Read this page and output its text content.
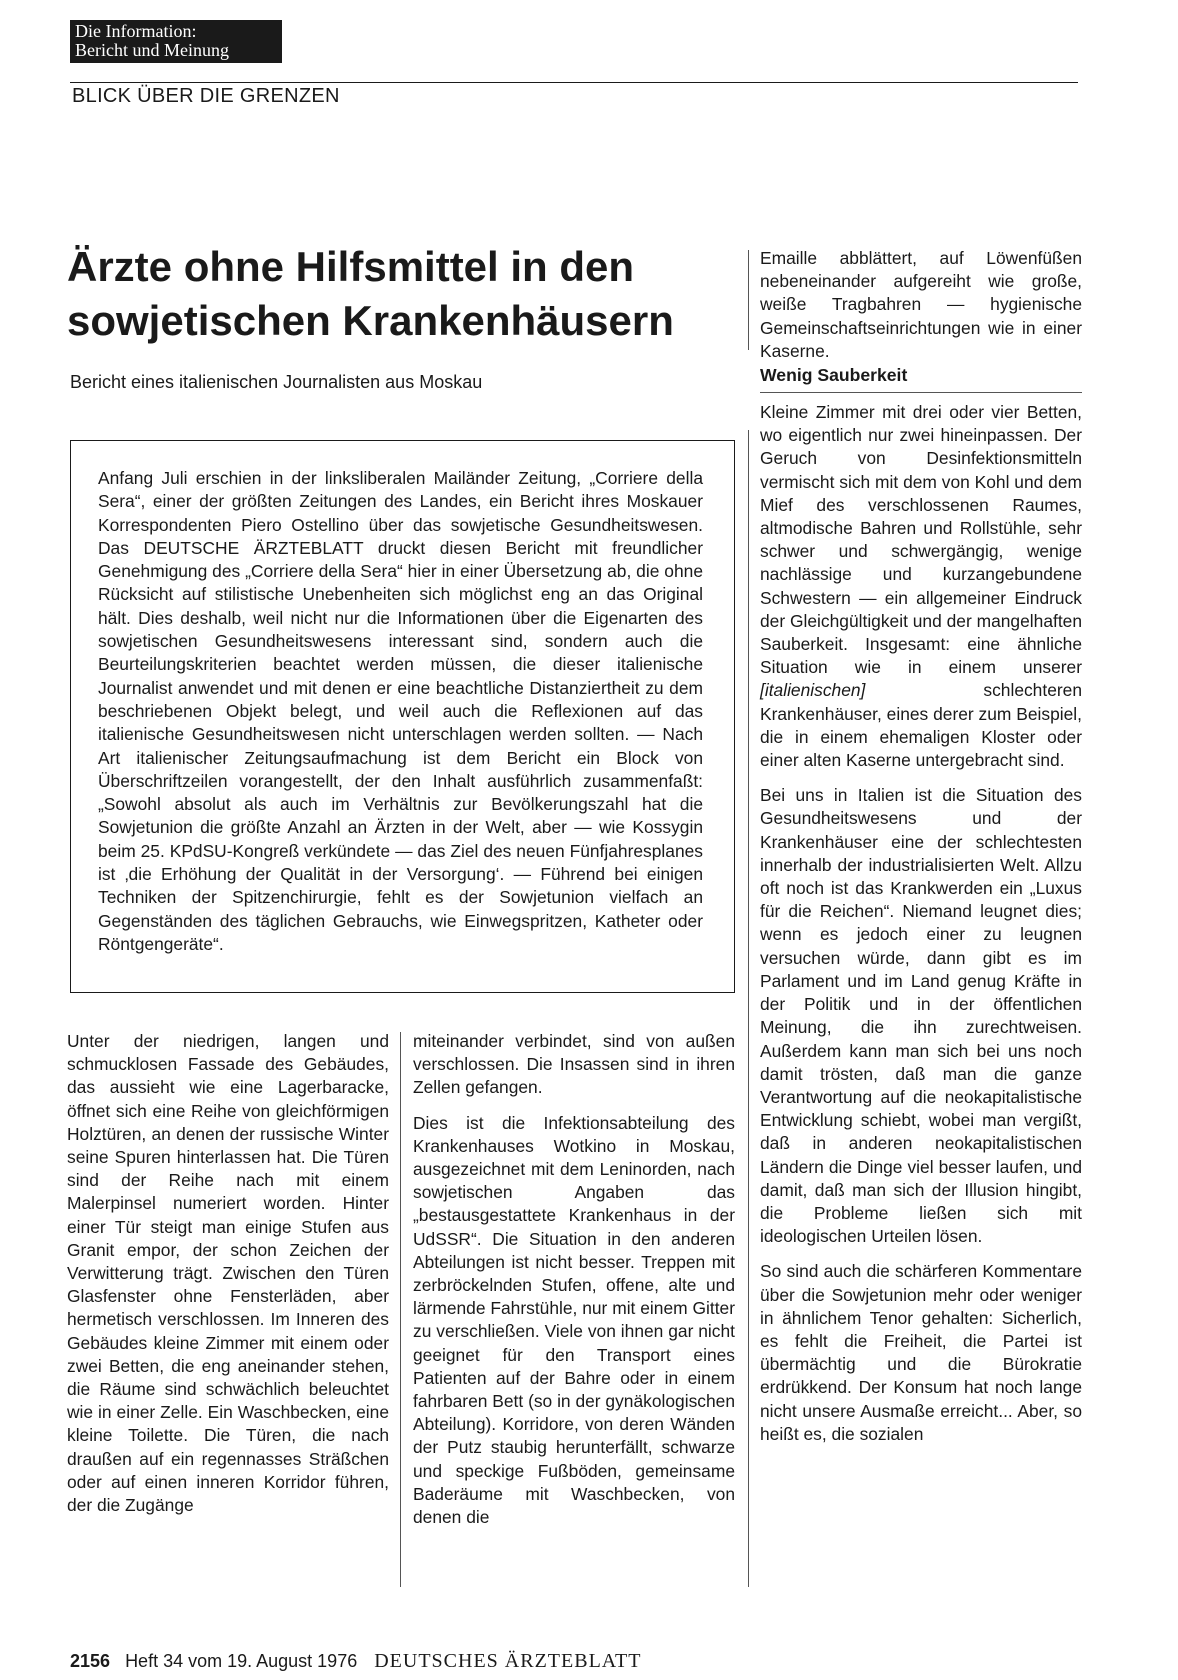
Die Information:
Bericht und Meinung
BLICK ÜBER DIE GRENZEN
Ärzte ohne Hilfsmittel in den
sowjetischen Krankenhäusern
Bericht eines italienischen Journalisten aus Moskau

Anfang Juli erschien in der linksliberalen Mailänder Zeitung, „Corriere della Sera“, einer der größten Zeitungen des Landes, ein Bericht ihres Moskauer Korrespondenten Piero Ostellino über das sowjetische Gesundheitswesen. Das DEUTSCHE ÄRZTEBLATT druckt diesen Bericht mit freundlicher Genehmigung des „Corriere della Sera“ hier in einer Übersetzung ab, die ohne Rücksicht auf stilistische Unebenheiten sich möglichst eng an das Original hält. Dies deshalb, weil nicht nur die Informationen über die Eigenarten des sowjetischen Gesundheitswesens interessant sind, sondern auch die Beurteilungskriterien beachtet werden müssen, die dieser italienische Journalist anwendet und mit denen er eine beachtliche Distanziertheit zu dem beschriebenen Objekt belegt, und weil auch die Reflexionen auf das italienische Gesundheitswesen nicht unterschlagen werden sollten. — Nach Art italienischer Zeitungsaufmachung ist dem Bericht ein Block von Überschriftzeilen vorangestellt, der den Inhalt ausführlich zusammenfaßt: „Sowohl absolut als auch im Verhältnis zur Bevölkerungszahl hat die Sowjetunion die größte Anzahl an Ärzten in der Welt, aber — wie Kossygin beim 25. KPdSU-Kongreß verkündete — das Ziel des neuen Fünfjahresplanes ist ‚die Erhöhung der Qualität in der Versorgung‘. — Führend bei einigen Techniken der Spitzenchirurgie, fehlt es der Sowjetunion vielfach an Gegenständen des täglichen Gebrauchs, wie Einwegspritzen, Katheter oder Röntgengeräte“.

Unter der niedrigen, langen und schmucklosen Fassade des Gebäudes, das aussieht wie eine Lagerbaracke, öffnet sich eine Reihe von gleichförmigen Holztüren, an denen der russische Winter seine Spuren hinterlassen hat. Die Türen sind der Reihe nach mit einem Malerpinsel numeriert worden. Hinter einer Tür steigt man einige Stufen aus Granit empor, der schon Zeichen der Verwitterung trägt. Zwischen den Türen Glasfenster ohne Fensterläden, aber hermetisch verschlossen. Im Inneren des Gebäudes kleine Zimmer mit einem oder zwei Betten, die eng aneinander stehen, die Räume sind schwächlich beleuchtet wie in einer Zelle. Ein Waschbecken, eine kleine Toilette. Die Türen, die nach draußen auf ein regennasses Sträßchen oder auf einen inneren Korridor führen, der die Zugänge

miteinander verbindet, sind von außen verschlossen. Die Insassen sind in ihren Zellen gefangen.

Dies ist die Infektionsabteilung des Krankenhauses Wotkino in Moskau, ausgezeichnet mit dem Leninorden, nach sowjetischen Angaben das „bestausgestattete Krankenhaus in der UdSSR“. Die Situation in den anderen Abteilungen ist nicht besser. Treppen mit zerbröckelnden Stufen, offene, alte und lärmende Fahrstühle, nur mit einem Gitter zu verschließen. Viele von ihnen gar nicht geeignet für den Transport eines Patienten auf der Bahre oder in einem fahrbaren Bett (so in der gynäkologischen Abteilung). Korridore, von deren Wänden der Putz staubig herunterfällt, schwarze und speckige Fußböden, gemeinsame Baderäume mit Waschbecken, von denen die

Emaille abblättert, auf Löwenfüßen nebeneinander aufgereiht wie große, weiße Tragbahren — hygienische Gemeinschaftseinrichtungen wie in einer Kaserne.

Wenig Sauberkeit

Kleine Zimmer mit drei oder vier Betten, wo eigentlich nur zwei hineinpassen. Der Geruch von Desinfektionsmitteln vermischt sich mit dem von Kohl und dem Mief des verschlossenen Raumes, altmodische Bahren und Rollstühle, sehr schwer und schwergängig, wenige nachlässige und kurzangebundene Schwestern — ein allgemeiner Eindruck der Gleichgültigkeit und der mangelhaften Sauberkeit. Insgesamt: eine ähnliche Situation wie in einem unserer [italienischen] schlechteren Krankenhäuser, eines derer zum Beispiel, die in einem ehemaligen Kloster oder einer alten Kaserne untergebracht sind.

Bei uns in Italien ist die Situation des Gesundheitswesens und der Krankenhäuser eine der schlechtesten innerhalb der industrialisierten Welt. Allzu oft noch ist das Krankwerden ein „Luxus für die Reichen“. Niemand leugnet dies; wenn es jedoch einer zu leugnen versuchen würde, dann gibt es im Parlament und im Land genug Kräfte in der Politik und in der öffentlichen Meinung, die ihn zurechtweisen. Außerdem kann man sich bei uns noch damit trösten, daß man die ganze Verantwortung auf die neokapitalistische Entwicklung schiebt, wobei man vergißt, daß in anderen neokapitalistischen Ländern die Dinge viel besser laufen, und damit, daß man sich der Illusion hingibt, die Probleme ließen sich mit ideologischen Urteilen lösen.

So sind auch die schärferen Kommentare über die Sowjetunion mehr oder weniger in ähnlichem Tenor gehalten: Sicherlich, es fehlt die Freiheit, die Partei ist übermächtig und die Bürokratie erdrükkend. Der Konsum hat noch lange nicht unsere Ausmaße erreicht... Aber, so heißt es, die sozialen

2156 Heft 34 vom 19. August 1976 DEUTSCHES ÄRZTEBLATT
